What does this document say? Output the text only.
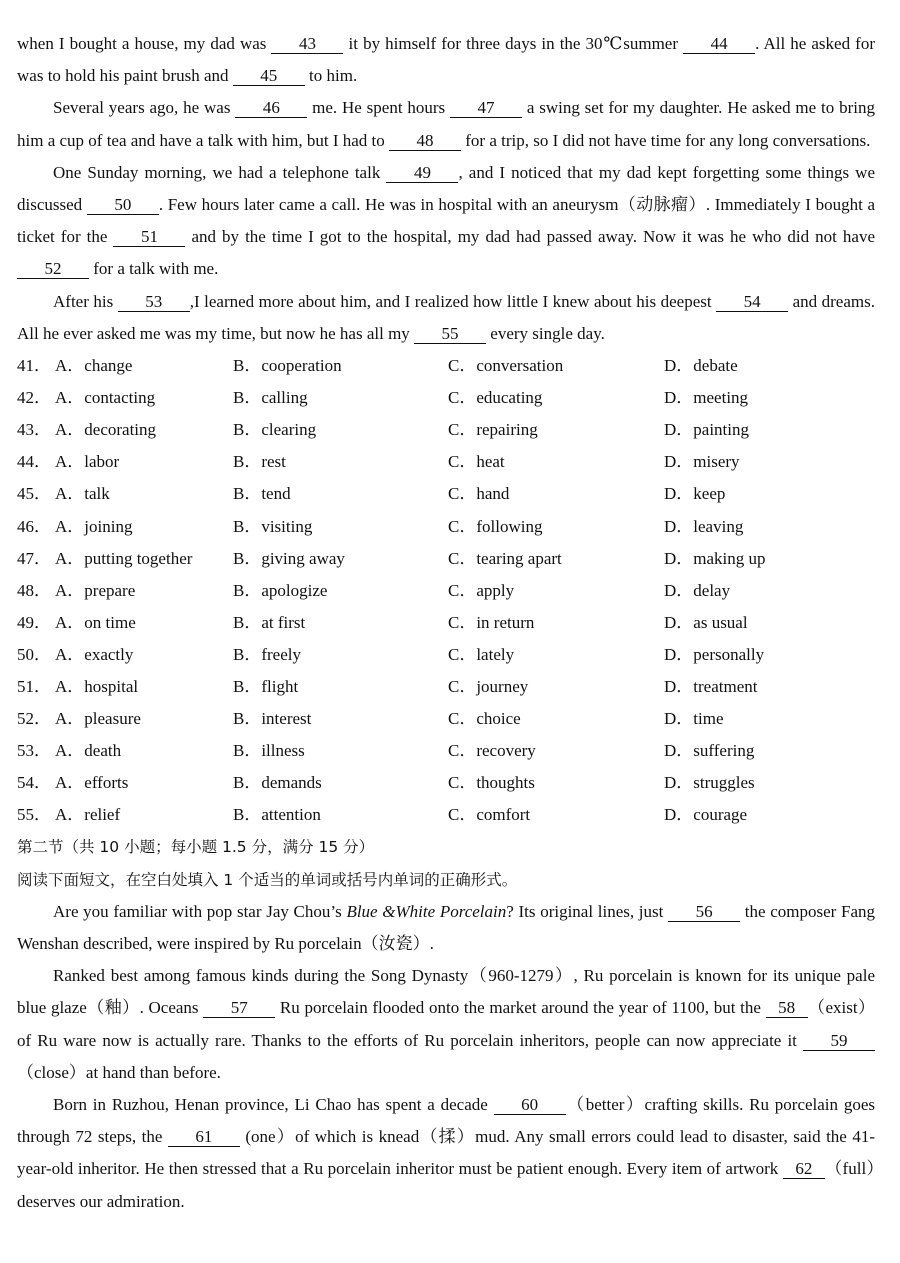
when I bought a house, my dad was 43 it by himself for three days in the 30℃summer 44 . All he asked for was to hold his paint brush and 45 to him.

Several years ago, he was 46 me. He spent hours 47 a swing set for my daughter. He asked me to bring him a cup of tea and have a talk with him, but I had to 48 for a trip, so I did not have time for any long conversations.

One Sunday morning, we had a telephone talk 49 , and I noticed that my dad kept forgetting some things we discussed 50 . Few hours later came a call. He was in hospital with an aneurysm（动脉瘤）. Immediately I bought a ticket for the 51 and by the time I got to the hospital, my dad had passed away. Now it was he who did not have 52 for a talk with me.

After his 53 ,I learned more about him, and I realized how little I knew about his deepest 54 and dreams. All he ever asked me was my time, but now he has all my 55 every single day.

41． A．change	B．cooperation	C．conversation	D．debate
42． A．contacting	B．calling	C．educating	D．meeting
43． A．decorating	B．clearing	C．repairing	D．painting
44． A．labor	B．rest	C．heat	D．misery
45． A．talk	B．tend	C．hand	D．keep
46． A．joining	B．visiting	C．following	D．leaving
47． A．putting together B．giving away	C．tearing apart	D．making up
48． A．prepare	B．apologize	C．apply	D．delay
49． A．on time	B．at first	C．in return	D．as usual
50． A．exactly	B．freely	C．lately	D．personally
51． A．hospital	B．flight	C．journey	D．treatment
52． A．pleasure	B．interest	C．choice	D．time
53． A．death	B．illness	C．recovery	D．suffering
54． A．efforts	B．demands	C．thoughts	D．struggles
55． A．relief	B．attention	C．comfort	D．courage

第二节（共 10 小题；每小题 1.5 分，满分 15 分）

阅读下面短文，在空白处填入 1 个适当的单词或括号内单词的正确形式。

Are you familiar with pop star Jay Chou’s Blue &White Porcelain? Its original lines, just 56 the composer Fang Wenshan described, were inspired by Ru porcelain（汝瓷）.

Ranked best among famous kinds during the Song Dynasty（960-1279）, Ru porcelain is known for its unique pale blue glaze（釉）. Oceans 57 Ru porcelain flooded onto the market around the year of 1100, but the 58 （exist）of Ru ware now is actually rare. Thanks to the efforts of Ru porcelain inheritors, people can now appreciate it 59（close）at hand than before.

Born in Ruzhou, Henan province, Li Chao has spent a decade 60 （better）crafting skills. Ru porcelain goes through 72 steps, the 61 (one）of which is knead（揉）mud. Any small errors could lead to disaster, said the 41-year-old inheritor. He then stressed that a Ru porcelain inheritor must be patient enough. Every item of artwork 62 （full）deserves our admiration.
